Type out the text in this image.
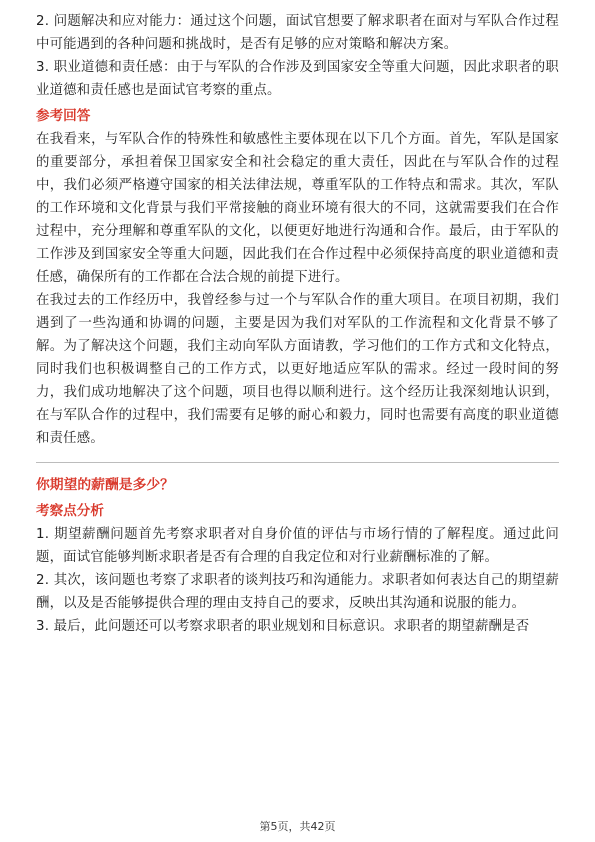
2. 问题解决和应对能力：通过这个问题，面试官想要了解求职者在面对与军队合作过程中可能遇到的各种问题和挑战时，是否有足够的应对策略和解决方案。

3. 职业道德和责任感：由于与军队的合作涉及到国家安全等重大问题，因此求职者的职业道德和责任感也是面试官考察的重点。

参考回答

在我看来，与军队合作的特殊性和敏感性主要体现在以下几个方面。首先，军队是国家的重要部分，承担着保卫国家安全和社会稳定的重大责任，因此在与军队合作的过程中，我们必须严格遵守国家的相关法律法规，尊重军队的工作特点和需求。其次，军队的工作环境和文化背景与我们平常接触的商业环境有很大的不同，这就需要我们在合作过程中，充分理解和尊重军队的文化，以便更好地进行沟通和合作。最后，由于军队的工作涉及到国家安全等重大问题，因此我们在合作过程中必须保持高度的职业道德和责任感，确保所有的工作都在合法合规的前提下进行。

在我过去的工作经历中，我曾经参与过一个与军队合作的重大项目。在项目初期，我们遇到了一些沟通和协调的问题，主要是因为我们对军队的工作流程和文化背景不够了解。为了解决这个问题，我们主动向军队方面请教，学习他们的工作方式和文化特点，同时我们也积极调整自己的工作方式，以更好地适应军队的需求。经过一段时间的努力，我们成功地解决了这个问题，项目也得以顺利进行。这个经历让我深刻地认识到，在与军队合作的过程中，我们需要有足够的耐心和毅力，同时也需要有高度的职业道德和责任感。

你期望的薪酬是多少？

考察点分析

1. 期望薪酬问题首先考察求职者对自身价值的评估与市场行情的了解程度。通过此问题，面试官能够判断求职者是否有合理的自我定位和对行业薪酬标准的了解。

2. 其次，该问题也考察了求职者的谈判技巧和沟通能力。求职者如何表达自己的期望薪酬，以及是否能够提供合理的理由支持自己的要求，反映出其沟通和说服的能力。

3. 最后，此问题还可以考察求职者的职业规划和目标意识。求职者的期望薪酬是否

第5页，共42页
